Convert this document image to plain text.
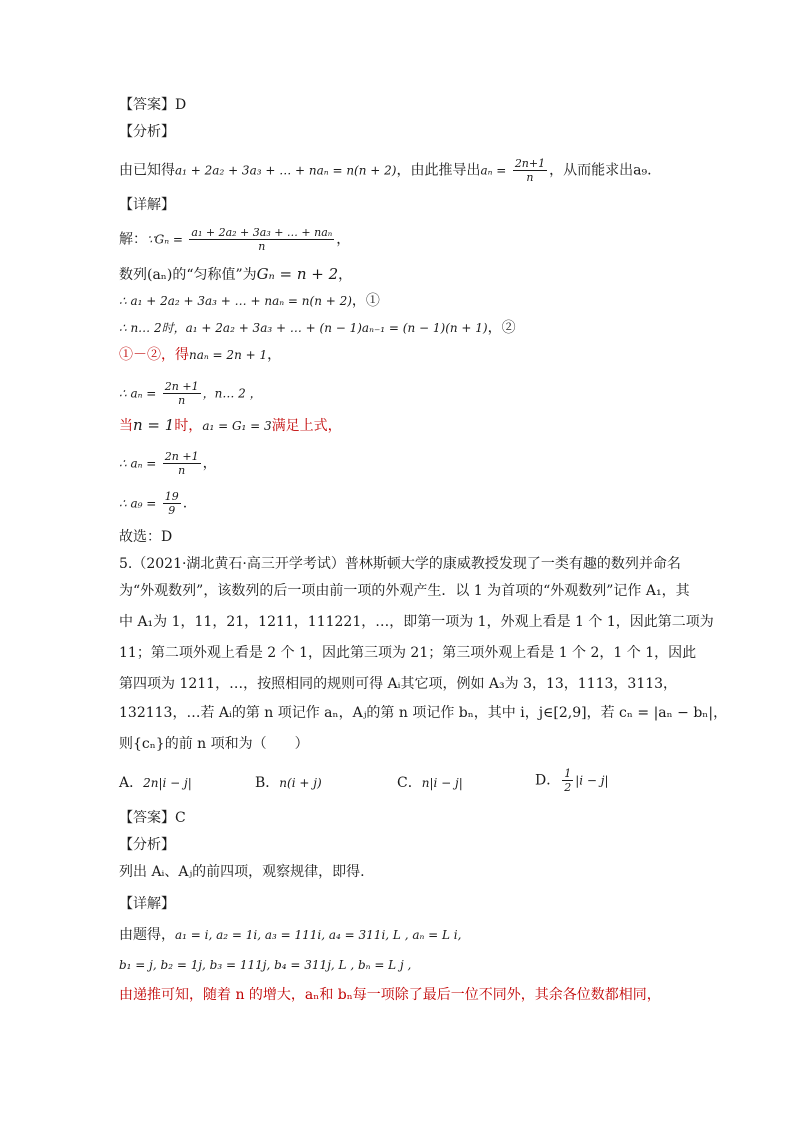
【答案】D
【分析】
由已知得a₁ + 2a₂ + 3a₃ + … + naₙ = n(n + 2)，由此推导出$a_n = \frac{2n+1}{n}$ ，从而能求出a₉.
【详解】
解：∵Gₙ = $\frac{\text{a₁ + 2a₂ + 3a₃ + … + naₙ}}{n}$ ，
数列(aₙ)的“匀称值”为Gₙ = n + 2，
∴ a₁ + 2a₂ + 3a₃ + … + naₙ = n(n + 2)，①
∴ n… 2时，a₁ + 2a₂ + 3a₃ + … + (n − 1)aₙ₋₁ = (n − 1)(n + 1)，②
①－②，得naₙ = 2n + 1，
∴ $a_n = \frac{2n +1}{n}$ ，n… 2 ，
当n = 1时，a₁ = G₁ = 3满足上式，
∴ $a_n = \frac{2n +1}{n}$ ，
∴ $a_9 = \frac{19}{9}$ .
故选：D
5.（2021·湖北黄石·高三开学考试）普林斯顿大学的康威教授发现了一类有趣的数列并命名
为“外观数列”，该数列的后一项由前一项的外观产生．以 1 为首项的“外观数列”记作 A₁，其
中 A₁为 1，11，21，1211，111221，…，即第一项为 1，外观上看是 1 个 1，因此第二项为
11；第二项外观上看是 2 个 1，因此第三项为 21；第三项外观上看是 1 个 2，1 个 1，因此
第四项为 1211，…，按照相同的规则可得 Aᵢ其它项，例如 A₃为 3，13，1113，3113，
132113，…若 Aᵢ的第 n 项记作 aₙ，Aⱼ的第 n 项记作 bₙ，其中 i，j∈[2,9]，若 cₙ = |aₙ − bₙ|，
则{cₙ}的前 n 项和为（　　）
A．2n|i − j|	B．n(i + j)	C．n|i − j|	D． $\frac{1}{2} |i - j|$
【答案】C
【分析】
列出 Aᵢ、Aⱼ的前四项，观察规律，即得.
【详解】
由题得，a₁ = i, a₂ = 1i, a₃ = 111i, a₄ = 311i, L , aₙ = L i,
b₁ = j, b₂ = 1j, b₃ = 111j, b₄ = 311j, L , bₙ = L j ,
由递推可知，随着 n 的增大，aₙ和 bₙ每一项除了最后一位不同外，其余各位数都相同，
